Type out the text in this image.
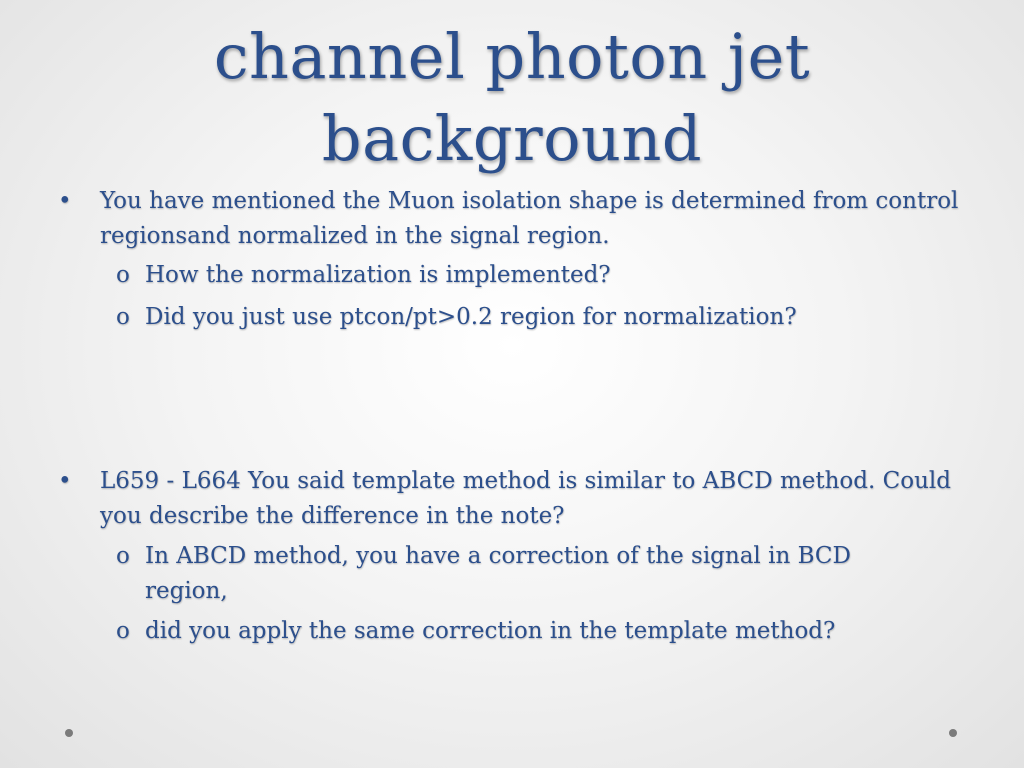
channel photon jet
background
• You have mentioned the Muon isolation shape is determined from control regionsand normalized in the signal region.
o How the normalization is implemented?
o Did you just use ptcon/pt>0.2 region for normalization?
• L659 - L664 You said template method is similar to ABCD method. Could you describe the difference in the note?
o In ABCD method, you have a correction of the signal in BCD region,
o did you apply the same correction in the template method?
